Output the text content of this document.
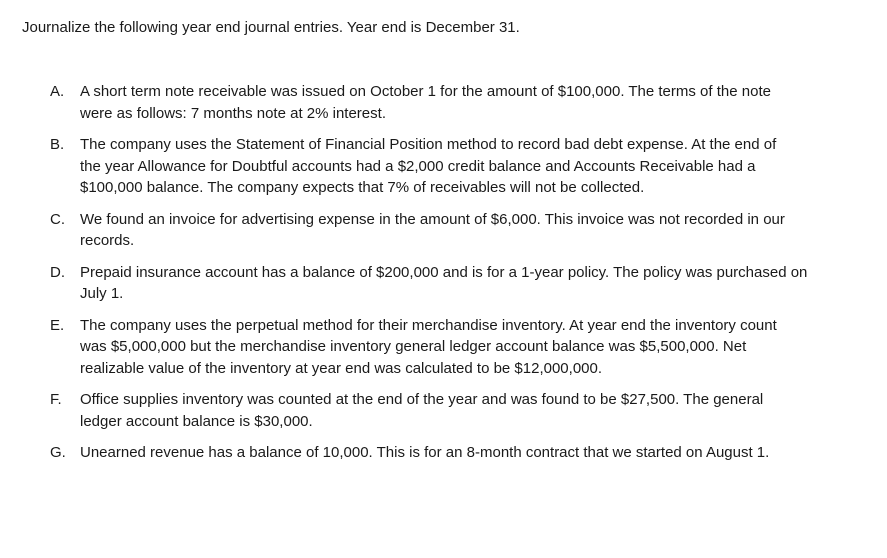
Journalize the following year end journal entries. Year end is December 31.
A. A short term note receivable was issued on October 1 for the amount of $100,000. The terms of the note
were as follows: 7 months note at 2% interest.
B. The company uses the Statement of Financial Position method to record bad debt expense. At the end of
the year Allowance for Doubtful accounts had a $2,000 credit balance and Accounts Receivable had a
$100,000 balance. The company expects that 7% of receivables will not be collected.
C. We found an invoice for advertising expense in the amount of $6,000. This invoice was not recorded in our
records.
D. Prepaid insurance account has a balance of $200,000 and is for a 1-year policy. The policy was purchased on
July 1.
E. The company uses the perpetual method for their merchandise inventory. At year end the inventory count
was $5,000,000 but the merchandise inventory general ledger account balance was $5,500,000. Net
realizable value of the inventory at year end was calculated to be $12,000,000.
F. Office supplies inventory was counted at the end of the year and was found to be $27,500. The general
ledger account balance is $30,000.
G. Unearned revenue has a balance of 10,000. This is for an 8-month contract that we started on August 1.
